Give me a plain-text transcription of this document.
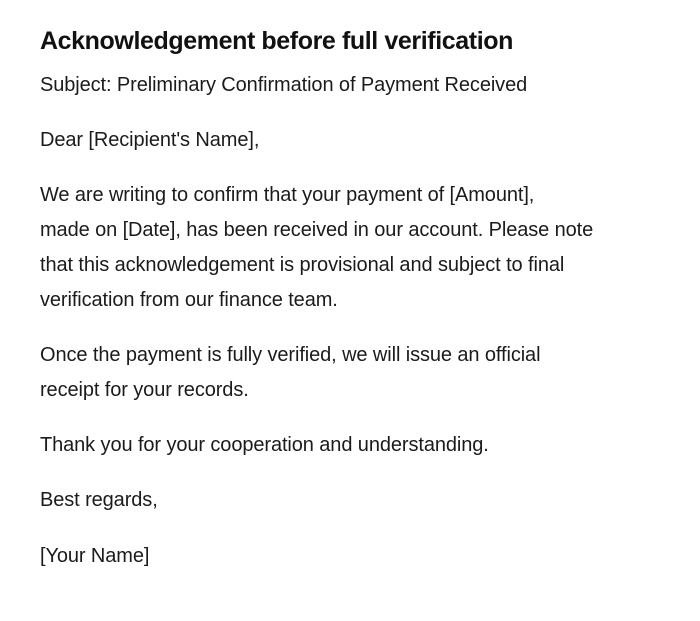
Acknowledgement before full verification

Subject: Preliminary Confirmation of Payment Received

Dear [Recipient's Name],

We are writing to confirm that your payment of [Amount],

made on [Date], has been received in our account. Please note

that this acknowledgement is provisional and subject to final

verification from our finance team.

Once the payment is fully verified, we will issue an official

receipt for your records.

Thank you for your cooperation and understanding.

Best regards,

[Your Name]
